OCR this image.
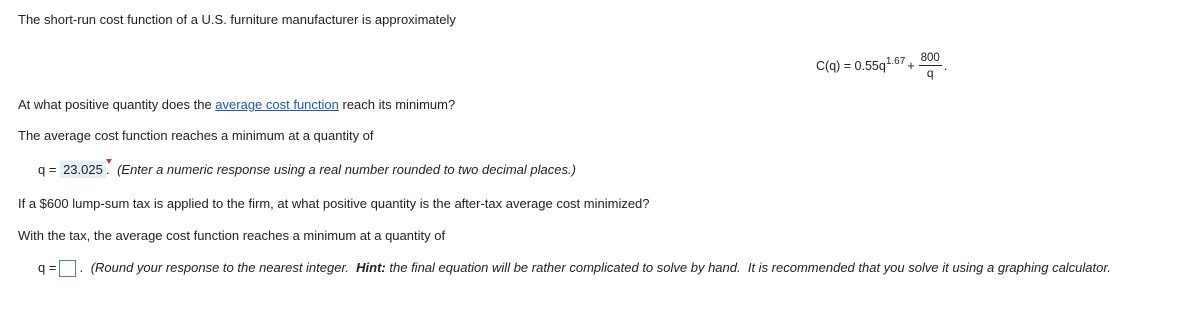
The short-run cost function of a U.S. furniture manufacturer is approximately
$C(q) = 0.55q^{1.67} + \frac{800}{q}$ .
At what positive quantity does the average cost function reach its minimum?
The average cost function reaches a minimum at a quantity of
q = 23.025 . (Enter a numeric response using a real number rounded to two decimal places.)
If a $600 lump-sum tax is applied to the firm, at what positive quantity is the after-tax average cost minimized?
With the tax, the average cost function reaches a minimum at a quantity of
q = . (Round your response to the nearest integer. Hint: the final equation will be rather complicated to solve by hand. It is recommended that you solve it using a graphing calculator.
